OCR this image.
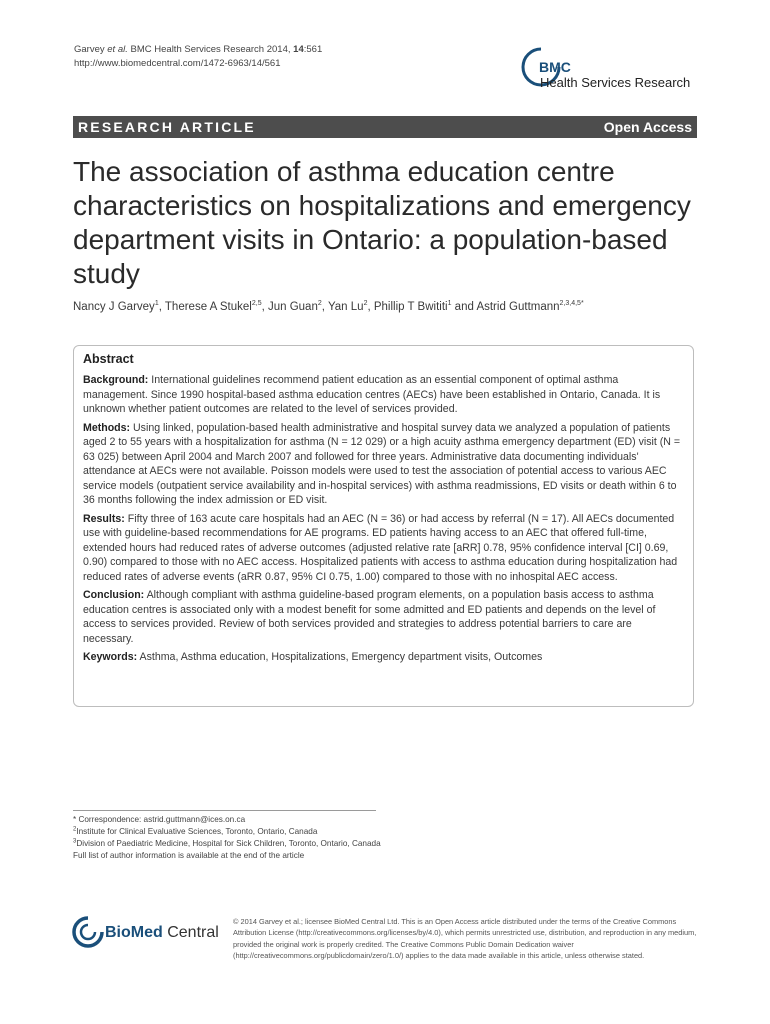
Garvey et al. BMC Health Services Research 2014, 14:561
http://www.biomedcentral.com/1472-6963/14/561	BMC
Health Services Research
RESEARCH ARTICLE	Open Access
The association of asthma education centre characteristics on hospitalizations and emergency department visits in Ontario: a population-based study
Nancy J Garvey$^1$, Therese A Stukel$^{2,5}$, Jun Guan$^2$, Yan Lu$^2$, Phillip T Bwititi$^1$ and Astrid Guttmann$^{2,3,4,5*}$

Abstract

Background: International guidelines recommend patient education as an essential component of optimal asthma management. Since 1990 hospital-based asthma education centres (AECs) have been established in Ontario, Canada. It is unknown whether patient outcomes are related to the level of services provided.

Methods: Using linked, population-based health administrative and hospital survey data we analyzed a population of patients aged 2 to 55 years with a hospitalization for asthma (N = 12 029) or a high acuity asthma emergency department (ED) visit (N = 63 025) between April 2004 and March 2007 and followed for three years. Administrative data documenting individuals' attendance at AECs were not available. Poisson models were used to test the association of potential access to various AEC service models (outpatient service availability and in-hospital services) with asthma readmissions, ED visits or death within 6 to 36 months following the index admission or ED visit.

Results: Fifty three of 163 acute care hospitals had an AEC (N = 36) or had access by referral (N = 17). All AECs documented use with guideline-based recommendations for AE programs. ED patients having access to an AEC that offered full-time, extended hours had reduced rates of adverse outcomes (adjusted relative rate [aRR] 0.78, 95% confidence interval [CI] 0.69, 0.90) compared to those with no AEC access. Hospitalized patients with access to asthma education during hospitalization had reduced rates of adverse events (aRR 0.87, 95% CI 0.75, 1.00) compared to those with no inhospital AEC access.

Conclusion: Although compliant with asthma guideline-based program elements, on a population basis access to asthma education centres is associated only with a modest benefit for some admitted and ED patients and depends on the level of access to services provided. Review of both services provided and strategies to address potential barriers to care are necessary.

Keywords: Asthma, Asthma education, Hospitalizations, Emergency department visits, Outcomes

* Correspondence: astrid.guttmann@ices.on.ca

$^2$Institute for Clinical Evaluative Sciences, Toronto, Ontario, Canada

$^3$Division of Paediatric Medicine, Hospital for Sick Children, Toronto, Ontario, Canada

Full list of author information is available at the end of the article

BioMed Central

© 2014 Garvey et al.; licensee BioMed Central Ltd. This is an Open Access article distributed under the terms of the Creative Commons Attribution License (http://creativecommons.org/licenses/by/4.0), which permits unrestricted use, distribution, and reproduction in any medium, provided the original work is properly credited. The Creative Commons Public Domain Dedication waiver (http://creativecommons.org/publicdomain/zero/1.0/) applies to the data made available in this article, unless otherwise stated.
